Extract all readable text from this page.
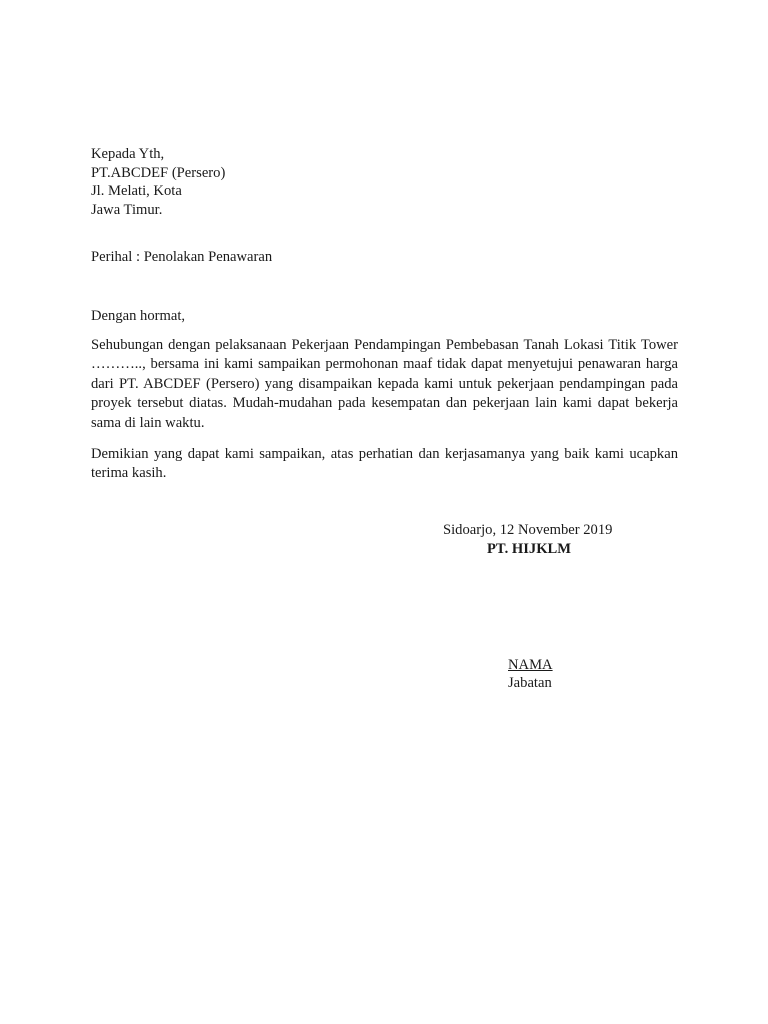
Kepada Yth,
PT.ABCDEF (Persero)
Jl. Melati, Kota
Jawa Timur.
Perihal : Penolakan Penawaran
Dengan hormat,
Sehubungan dengan pelaksanaan Pekerjaan Pendampingan Pembebasan Tanah Lokasi Titik Tower ……….., bersama ini kami sampaikan permohonan maaf tidak dapat menyetujui penawaran harga dari PT. ABCDEF (Persero) yang disampaikan kepada kami untuk pekerjaan pendampingan pada proyek tersebut diatas. Mudah-mudahan pada kesempatan dan pekerjaan lain kami dapat bekerja sama di lain waktu.
Demikian yang dapat kami sampaikan, atas perhatian dan kerjasamanya yang baik kami ucapkan terima kasih.
Sidoarjo, 12 November 2019
PT. HIJKLM
NAMA
Jabatan
